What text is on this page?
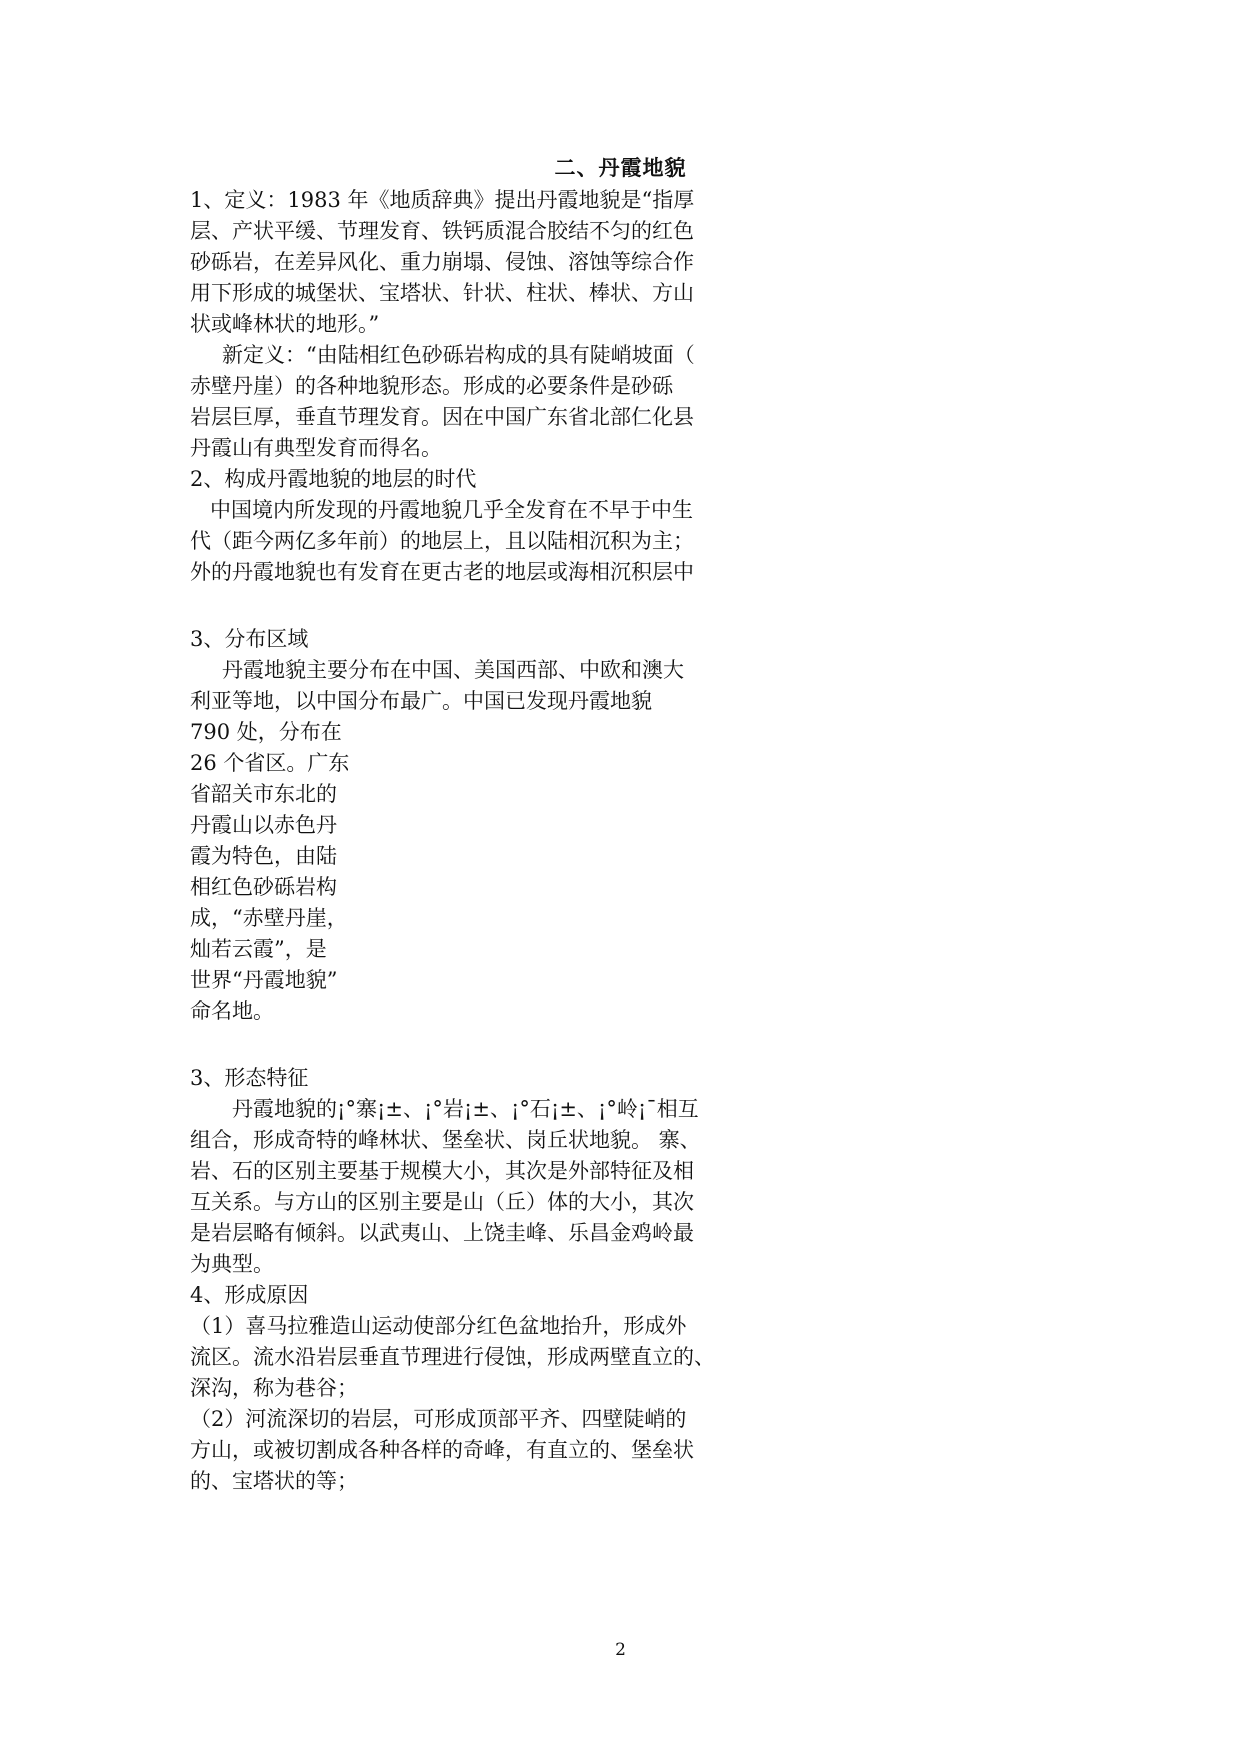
二、丹霞地貌
1、定义：1983 年《地质辞典》提出丹霞地貌是“指厚
层、产状平缓、节理发育、铁钙质混合胶结不匀的红色
砂砾岩，在差异风化、重力崩塌、侵蚀、溶蚀等综合作
用下形成的城堡状、宝塔状、针状、柱状、棒状、方山
状或峰林状的地形。”
新定义：“由陆相红色砂砾岩构成的具有陡峭坡面（
赤壁丹崖）的各种地貌形态。形成的必要条件是砂砾
岩层巨厚，垂直节理发育。因在中国广东省北部仁化县
丹霞山有典型发育而得名。
2、构成丹霞地貌的地层的时代
中国境内所发现的丹霞地貌几乎全发育在不早于中生
代（距今两亿多年前）的地层上，且以陆相沉积为主；
外的丹霞地貌也有发育在更古老的地层或海相沉积层中
3、分布区域
丹霞地貌主要分布在中国、美国西部、中欧和澳大
利亚等地，以中国分布最广。中国已发现丹霞地貌
790 处，分布在
26 个省区。广东
省韶关市东北的
丹霞山以赤色丹
霞为特色，由陆
相红色砂砾岩构
成，“赤壁丹崖，
灿若云霞”，是
世界“丹霞地貌”
命名地。
3、形态特征
丹霞地貌的¡°寨¡±、¡°岩¡±、¡°石¡±、¡°岭¡¯相互
组合，形成奇特的峰林状、堡垒状、岗丘状地貌。 寨、
岩、石的区别主要基于规模大小，其次是外部特征及相
互关系。与方山的区别主要是山（丘）体的大小，其次
是岩层略有倾斜。以武夷山、上饶圭峰、乐昌金鸡岭最
为典型。
4、形成原因
（1）喜马拉雅造山运动使部分红色盆地抬升，形成外
流区。流水沿岩层垂直节理进行侵蚀，形成两壁直立的、
深沟，称为巷谷；
（2）河流深切的岩层，可形成顶部平齐、四壁陡峭的
方山，或被切割成各种各样的奇峰，有直立的、堡垒状
的、宝塔状的等；
2
